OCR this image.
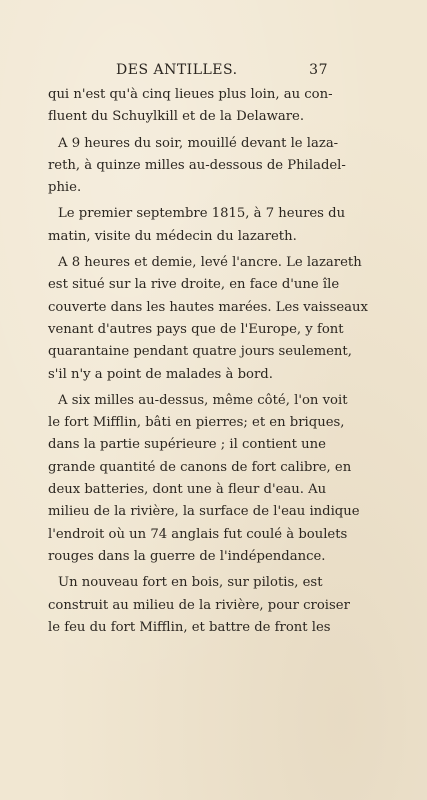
DES ANTILLES.	37
qui n'est qu'à cinq lieues plus loin, au con-
fluent du Schuylkill et de la Delaware.
A 9 heures du soir, mouillé devant le laza-
reth, à quinze milles au-dessous de Philadel-
phie.
Le premier septembre 1815, à 7 heures du
matin, visite du médecin du lazareth.
A 8 heures et demie, levé l'ancre. Le lazareth
est situé sur la rive droite, en face d'une île
couverte dans les hautes marées. Les vaisseaux
venant d'autres pays que de l'Europe, y font
quarantaine pendant quatre jours seulement,
s'il n'y a point de malades à bord.
A six milles au-dessus, même côté, l'on voit
le fort Mifflin, bâti en pierres; et en briques,
dans la partie supérieure ; il contient une
grande quantité de canons de fort calibre, en
deux batteries, dont une à fleur d'eau. Au
milieu de la rivière, la surface de l'eau indique
l'endroit où un 74 anglais fut coulé à boulets
rouges dans la guerre de l'indépendance.
Un nouveau fort en bois, sur pilotis, est
construit au milieu de la rivière, pour croiser
le feu du fort Mifflin, et battre de front les
